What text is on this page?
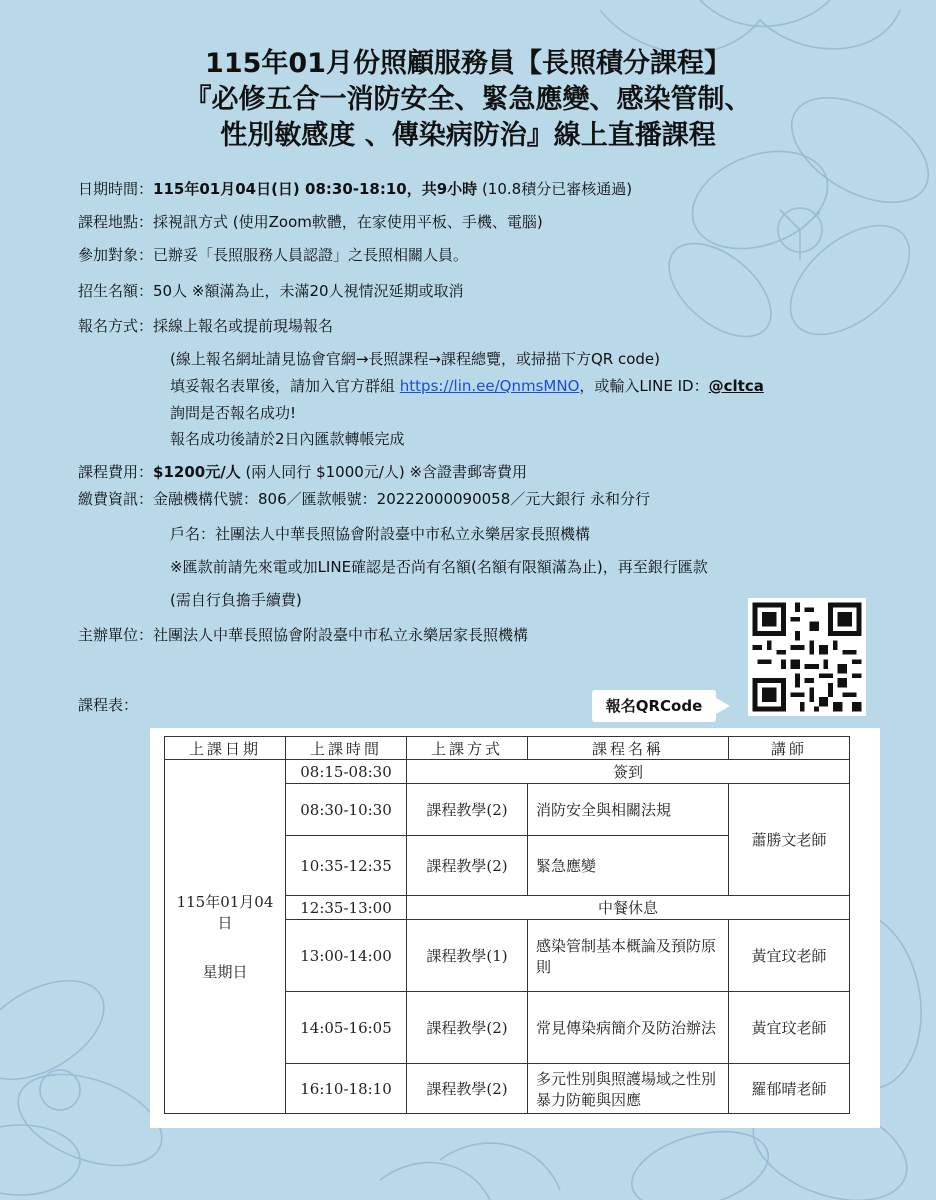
115年01月份照顧服務員【長照積分課程】
『必修五合一消防安全、緊急應變、感染管制、
性別敏感度 、傳染病防治』線上直播課程
日期時間：115年01月04日(日) 08:30-18:10，共9小時 (10.8積分已審核通過)
課程地點：採視訊方式 (使用Zoom軟體，在家使用平板、手機、電腦)
參加對象：已辦妥「長照服務人員認證」之長照相關人員。
招生名額：50人 ※額滿為止，未滿20人視情況延期或取消
報名方式：採線上報名或提前現場報名
(線上報名網址請見協會官網→長照課程→課程總覽，或掃描下方QR code)
填妥報名表單後，請加入官方群組 https://lin.ee/QnmsMNO，或輸入LINE ID：@cltca
詢問是否報名成功!
報名成功後請於2日內匯款轉帳完成
課程費用：$1200元/人 (兩人同行 $1000元/人) ※含證書郵寄費用
繳費資訊：金融機構代號：806／匯款帳號：20222000090058／元大銀行 永和分行
戶名：社團法人中華長照協會附設臺中市私立永樂居家長照機構
※匯款前請先來電或加LINE確認是否尚有名額(名額有限額滿為止)，再至銀行匯款
(需自行負擔手續費)
主辦單位：社團法人中華長照協會附設臺中市私立永樂居家長照機構
報名QRCode
課程表：
上課日期	上課時間	上課方式	課程名稱	講師

115年01月04日
星期日	08:15-08:30	簽到		
	08:30-10:30	課程教學(2)	消防安全與相關法規	蕭勝文老師
	10:35-12:35	課程教學(2)	緊急應變	
	12:35-13:00	中餐休息		
	13:00-14:00	課程教學(1)	感染管制基本概論及預防原則	黃宜玟老師
	14:05-16:05	課程教學(2)	常見傳染病簡介及防治辦法	黃宜玟老師
	16:10-18:10	課程教學(2)	多元性別與照護場域之性別暴力防範與因應	羅郁晴老師
